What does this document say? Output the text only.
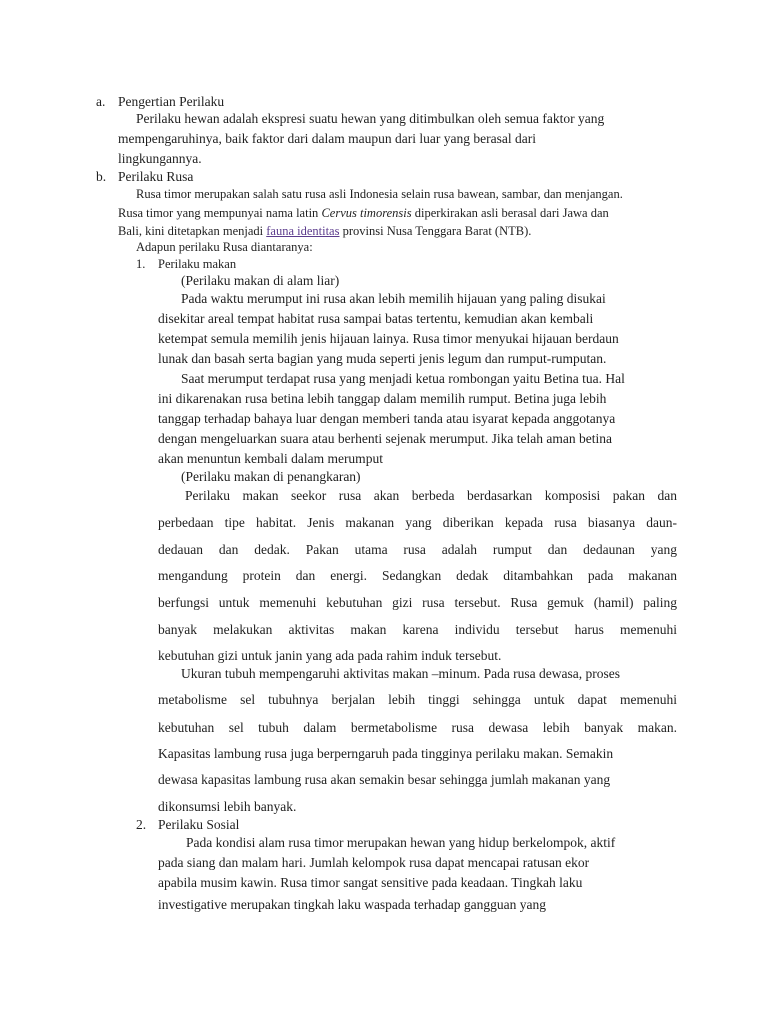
a. Pengertian Perilaku

Perilaku hewan adalah ekspresi suatu hewan yang ditimbulkan oleh semua faktor yang

mempengaruhinya, baik faktor dari dalam maupun dari luar yang berasal dari

lingkungannya.

b. Perilaku Rusa

Rusa timor merupakan salah satu rusa asli Indonesia selain rusa bawean, sambar, dan menjangan.

Rusa timor yang mempunyai nama latin Cervus timorensis diperkirakan asli berasal dari Jawa dan

Bali, kini ditetapkan menjadi fauna identitas provinsi Nusa Tenggara Barat (NTB).

Adapun perilaku Rusa diantaranya:

1. Perilaku makan

(Perilaku makan di alam liar)

Pada waktu merumput ini rusa akan lebih memilih hijauan yang paling disukai

disekitar areal tempat habitat rusa sampai batas tertentu, kemudian akan kembali

ketempat semula memilih jenis hijauan lainya. Rusa timor menyukai hijauan berdaun

lunak dan basah serta bagian yang muda seperti jenis legum dan rumput-rumputan.

Saat merumput terdapat rusa yang menjadi ketua rombongan yaitu Betina tua. Hal

ini dikarenakan rusa betina lebih tanggap dalam memilih rumput. Betina juga lebih

tanggap terhadap bahaya luar dengan memberi tanda atau isyarat kepada anggotanya

dengan mengeluarkan suara atau berhenti sejenak merumput. Jika telah aman betina

akan menuntun kembali dalam merumput

(Perilaku makan di penangkaran)

Perilaku makan seekor rusa akan berbeda berdasarkan komposisi pakan dan

perbedaan tipe habitat. Jenis makanan yang diberikan kepada rusa biasanya daun-

dedauan dan dedak. Pakan utama rusa adalah rumput dan dedaunan yang

mengandung protein dan energi. Sedangkan dedak ditambahkan pada makanan

berfungsi untuk memenuhi kebutuhan gizi rusa tersebut. Rusa gemuk (hamil) paling

banyak melakukan aktivitas makan karena individu tersebut harus memenuhi

kebutuhan gizi untuk janin yang ada pada rahim induk tersebut.

Ukuran tubuh mempengaruhi aktivitas makan –minum. Pada rusa dewasa, proses

metabolisme sel tubuhnya berjalan lebih tinggi sehingga untuk dapat memenuhi

kebutuhan sel tubuh dalam bermetabolisme rusa dewasa lebih banyak makan.

Kapasitas lambung rusa juga berperngaruh pada tingginya perilaku makan. Semakin

dewasa kapasitas lambung rusa akan semakin besar sehingga jumlah makanan yang

dikonsumsi lebih banyak.

2. Perilaku Sosial

Pada kondisi alam rusa timor merupakan hewan yang hidup berkelompok, aktif

pada siang dan malam hari. Jumlah kelompok rusa dapat mencapai ratusan ekor

apabila musim kawin. Rusa timor sangat sensitive pada keadaan. Tingkah laku

investigative merupakan tingkah laku waspada terhadap gangguan yang
